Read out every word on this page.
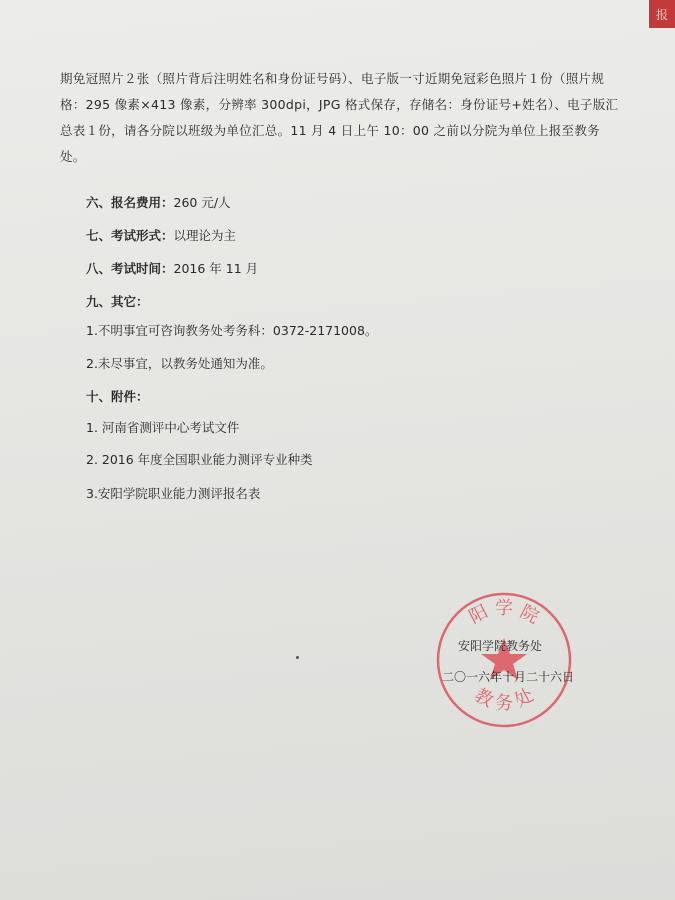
报
期免冠照片２张（照片背后注明姓名和身份证号码）、电子版一寸近期免冠彩色照片１份（照片规格：295 像素×413 像素，分辨率 300dpi，JPG 格式保存，存储名：身份证号+姓名）、电子版汇总表１份，请各分院以班级为单位汇总。11 月 4 日上午 10：00 之前以分院为单位上报至教务处。
六、报名费用：260 元/人
七、考试形式：以理论为主
八、考试时间：2016 年 11 月
九、其它：
1.不明事宜可咨询教务处考务科：0372-2171008。
2.未尽事宜，以教务处通知为准。
十、附件：
1. 河南省测评中心考试文件
2. 2016 年度全国职业能力测评专业种类
3.安阳学院职业能力测评报名表
阳 学 院
教 务 处
安阳学院教务处
二〇一六年十月二十六日
